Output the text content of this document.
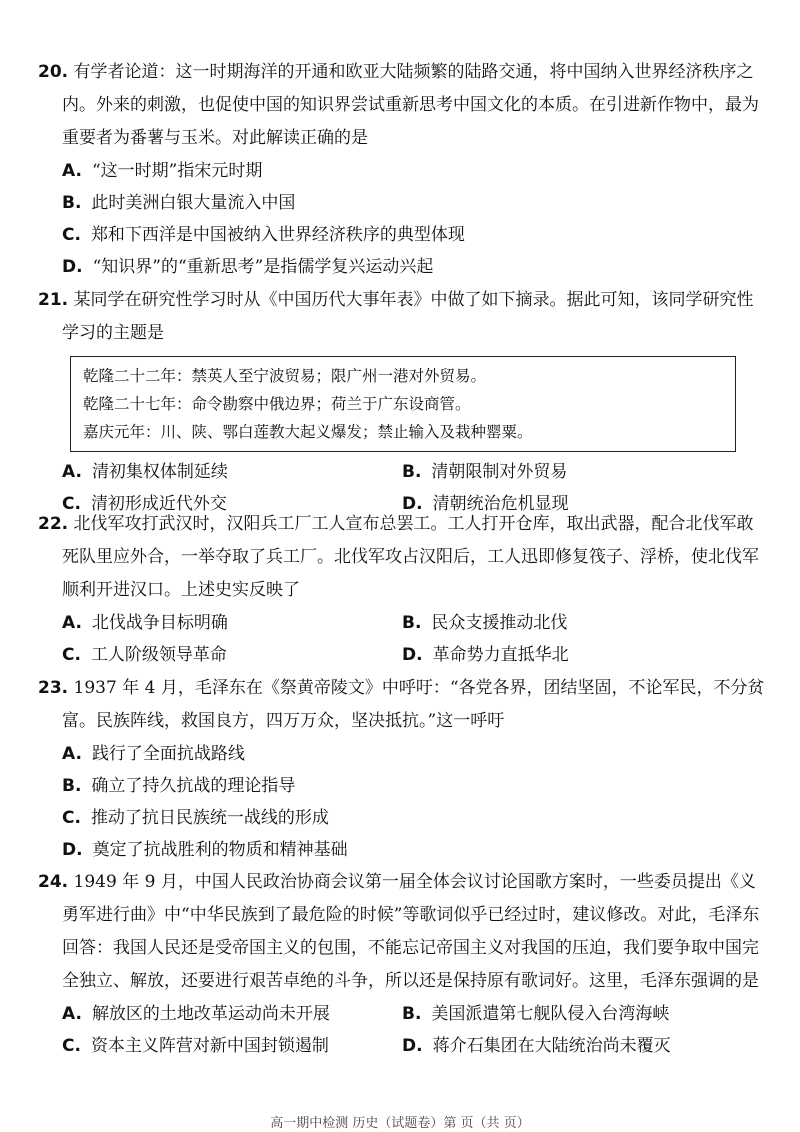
20. 有学者论道：这一时期海洋的开通和欧亚大陆频繁的陆路交通，将中国纳入世界经济秩序之内。外来的刺激，也促使中国的知识界尝试重新思考中国文化的本质。在引进新作物中，最为重要者为番薯与玉米。对此解读正确的是

A. “这一时期”指宋元时期
B. 此时美洲白银大量流入中国
C. 郑和下西洋是中国被纳入世界经济秩序的典型体现
D. “知识界”的“重新思考”是指儒学复兴运动兴起

21. 某同学在研究性学习时从《中国历代大事年表》中做了如下摘录。据此可知，该同学研究性学习的主题是

乾隆二十二年：禁英人至宁波贸易；限广州一港对外贸易。
乾隆二十七年：命令勘察中俄边界；荷兰于广东设商管。
嘉庆元年：川、陕、鄂白莲教大起义爆发；禁止输入及栽种罂粟。
A. 清初集权体制延续	B. 清朝限制对外贸易
C. 清初形成近代外交	D. 清朝统治危机显现

22. 北伐军攻打武汉时，汉阳兵工厂工人宣布总罢工。工人打开仓库，取出武器，配合北伐军敢死队里应外合，一举夺取了兵工厂。北伐军攻占汉阳后，工人迅即修复筏子、浮桥，使北伐军顺利开进汉口。上述史实反映了

A. 北伐战争目标明确	B. 民众支援推动北伐
C. 工人阶级领导革命	D. 革命势力直抵华北

23. 1937 年 4 月，毛泽东在《祭黄帝陵文》中呼吁：“各党各界，团结坚固，不论军民，不分贫富。民族阵线，救国良方，四万万众，坚决抵抗。”这一呼吁

A. 践行了全面抗战路线
B. 确立了持久抗战的理论指导
C. 推动了抗日民族统一战线的形成
D. 奠定了抗战胜利的物质和精神基础

24. 1949 年 9 月，中国人民政治协商会议第一届全体会议讨论国歌方案时，一些委员提出《义勇军进行曲》中“中华民族到了最危险的时候”等歌词似乎已经过时，建议修改。对此，毛泽东回答：我国人民还是受帝国主义的包围，不能忘记帝国主义对我国的压迫，我们要争取中国完全独立、解放，还要进行艰苦卓绝的斗争，所以还是保持原有歌词好。这里，毛泽东强调的是

A. 解放区的土地改革运动尚未开展	B. 美国派遣第七舰队侵入台湾海峡
C. 资本主义阵营对新中国封锁遏制	D. 蒋介石集团在大陆统治尚未覆灭
高一期中检测 历史（试题卷）第 页（共 页）
